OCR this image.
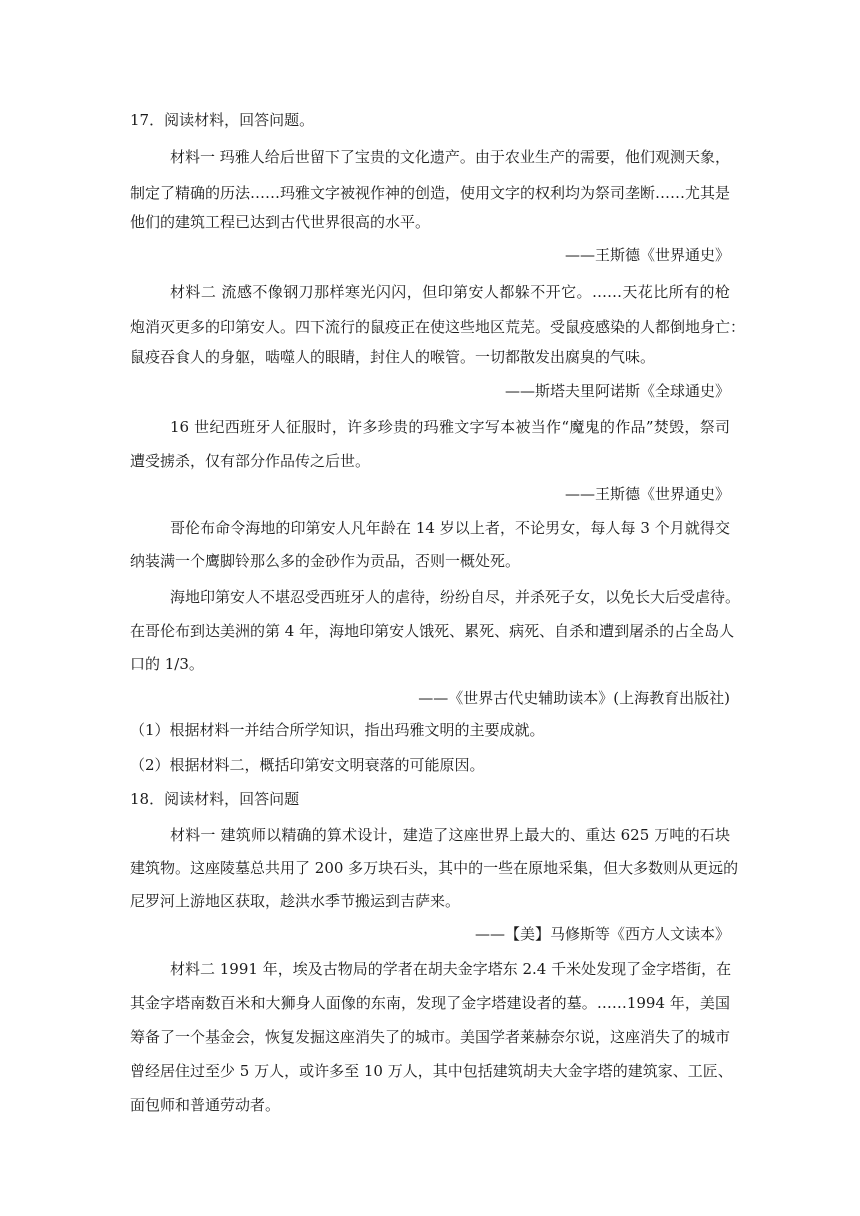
17．阅读材料，回答问题。
材料一 玛雅人给后世留下了宝贵的文化遗产。由于农业生产的需要，他们观测天象，
制定了精确的历法……玛雅文字被视作神的创造，使用文字的权利均为祭司垄断……尤其是
他们的建筑工程已达到古代世界很高的水平。
——王斯德《世界通史》
材料二 流感不像钢刀那样寒光闪闪，但印第安人都躲不开它。……天花比所有的枪
炮消灭更多的印第安人。四下流行的鼠疫正在使这些地区荒芜。受鼠疫感染的人都倒地身亡：
鼠疫吞食人的身躯，啮噬人的眼睛，封住人的喉管。一切都散发出腐臭的气味。
——斯塔夫里阿诺斯《全球通史》
16 世纪西班牙人征服时，许多珍贵的玛雅文字写本被当作“魔鬼的作品”焚毁，祭司
遭受掳杀，仅有部分作品传之后世。
——王斯德《世界通史》
哥伦布命令海地的印第安人凡年龄在 14 岁以上者，不论男女，每人每 3 个月就得交
纳装满一个鹰脚铃那么多的金砂作为贡品，否则一概处死。
海地印第安人不堪忍受西班牙人的虐待，纷纷自尽，并杀死子女，以免长大后受虐待。
在哥伦布到达美洲的第 4 年，海地印第安人饿死、累死、病死、自杀和遭到屠杀的占全岛人
口的 1/3。
——《世界古代史辅助读本》(上海教育出版社)
（1）根据材料一并结合所学知识，指出玛雅文明的主要成就。
（2）根据材料二，概括印第安文明衰落的可能原因。
18．阅读材料，回答问题
材料一 建筑师以精确的算术设计，建造了这座世界上最大的、重达 625 万吨的石块
建筑物。这座陵墓总共用了 200 多万块石头，其中的一些在原地采集，但大多数则从更远的
尼罗河上游地区获取，趁洪水季节搬运到吉萨来。
——【美】马修斯等《西方人文读本》
材料二 1991 年，埃及古物局的学者在胡夫金字塔东 2.4 千米处发现了金字塔街，在
其金字塔南数百米和大狮身人面像的东南，发现了金字塔建设者的墓。……1994 年，美国
筹备了一个基金会，恢复发掘这座消失了的城市。美国学者莱赫奈尔说，这座消失了的城市
曾经居住过至少 5 万人，或许多至 10 万人，其中包括建筑胡夫大金字塔的建筑家、工匠、
面包师和普通劳动者。
